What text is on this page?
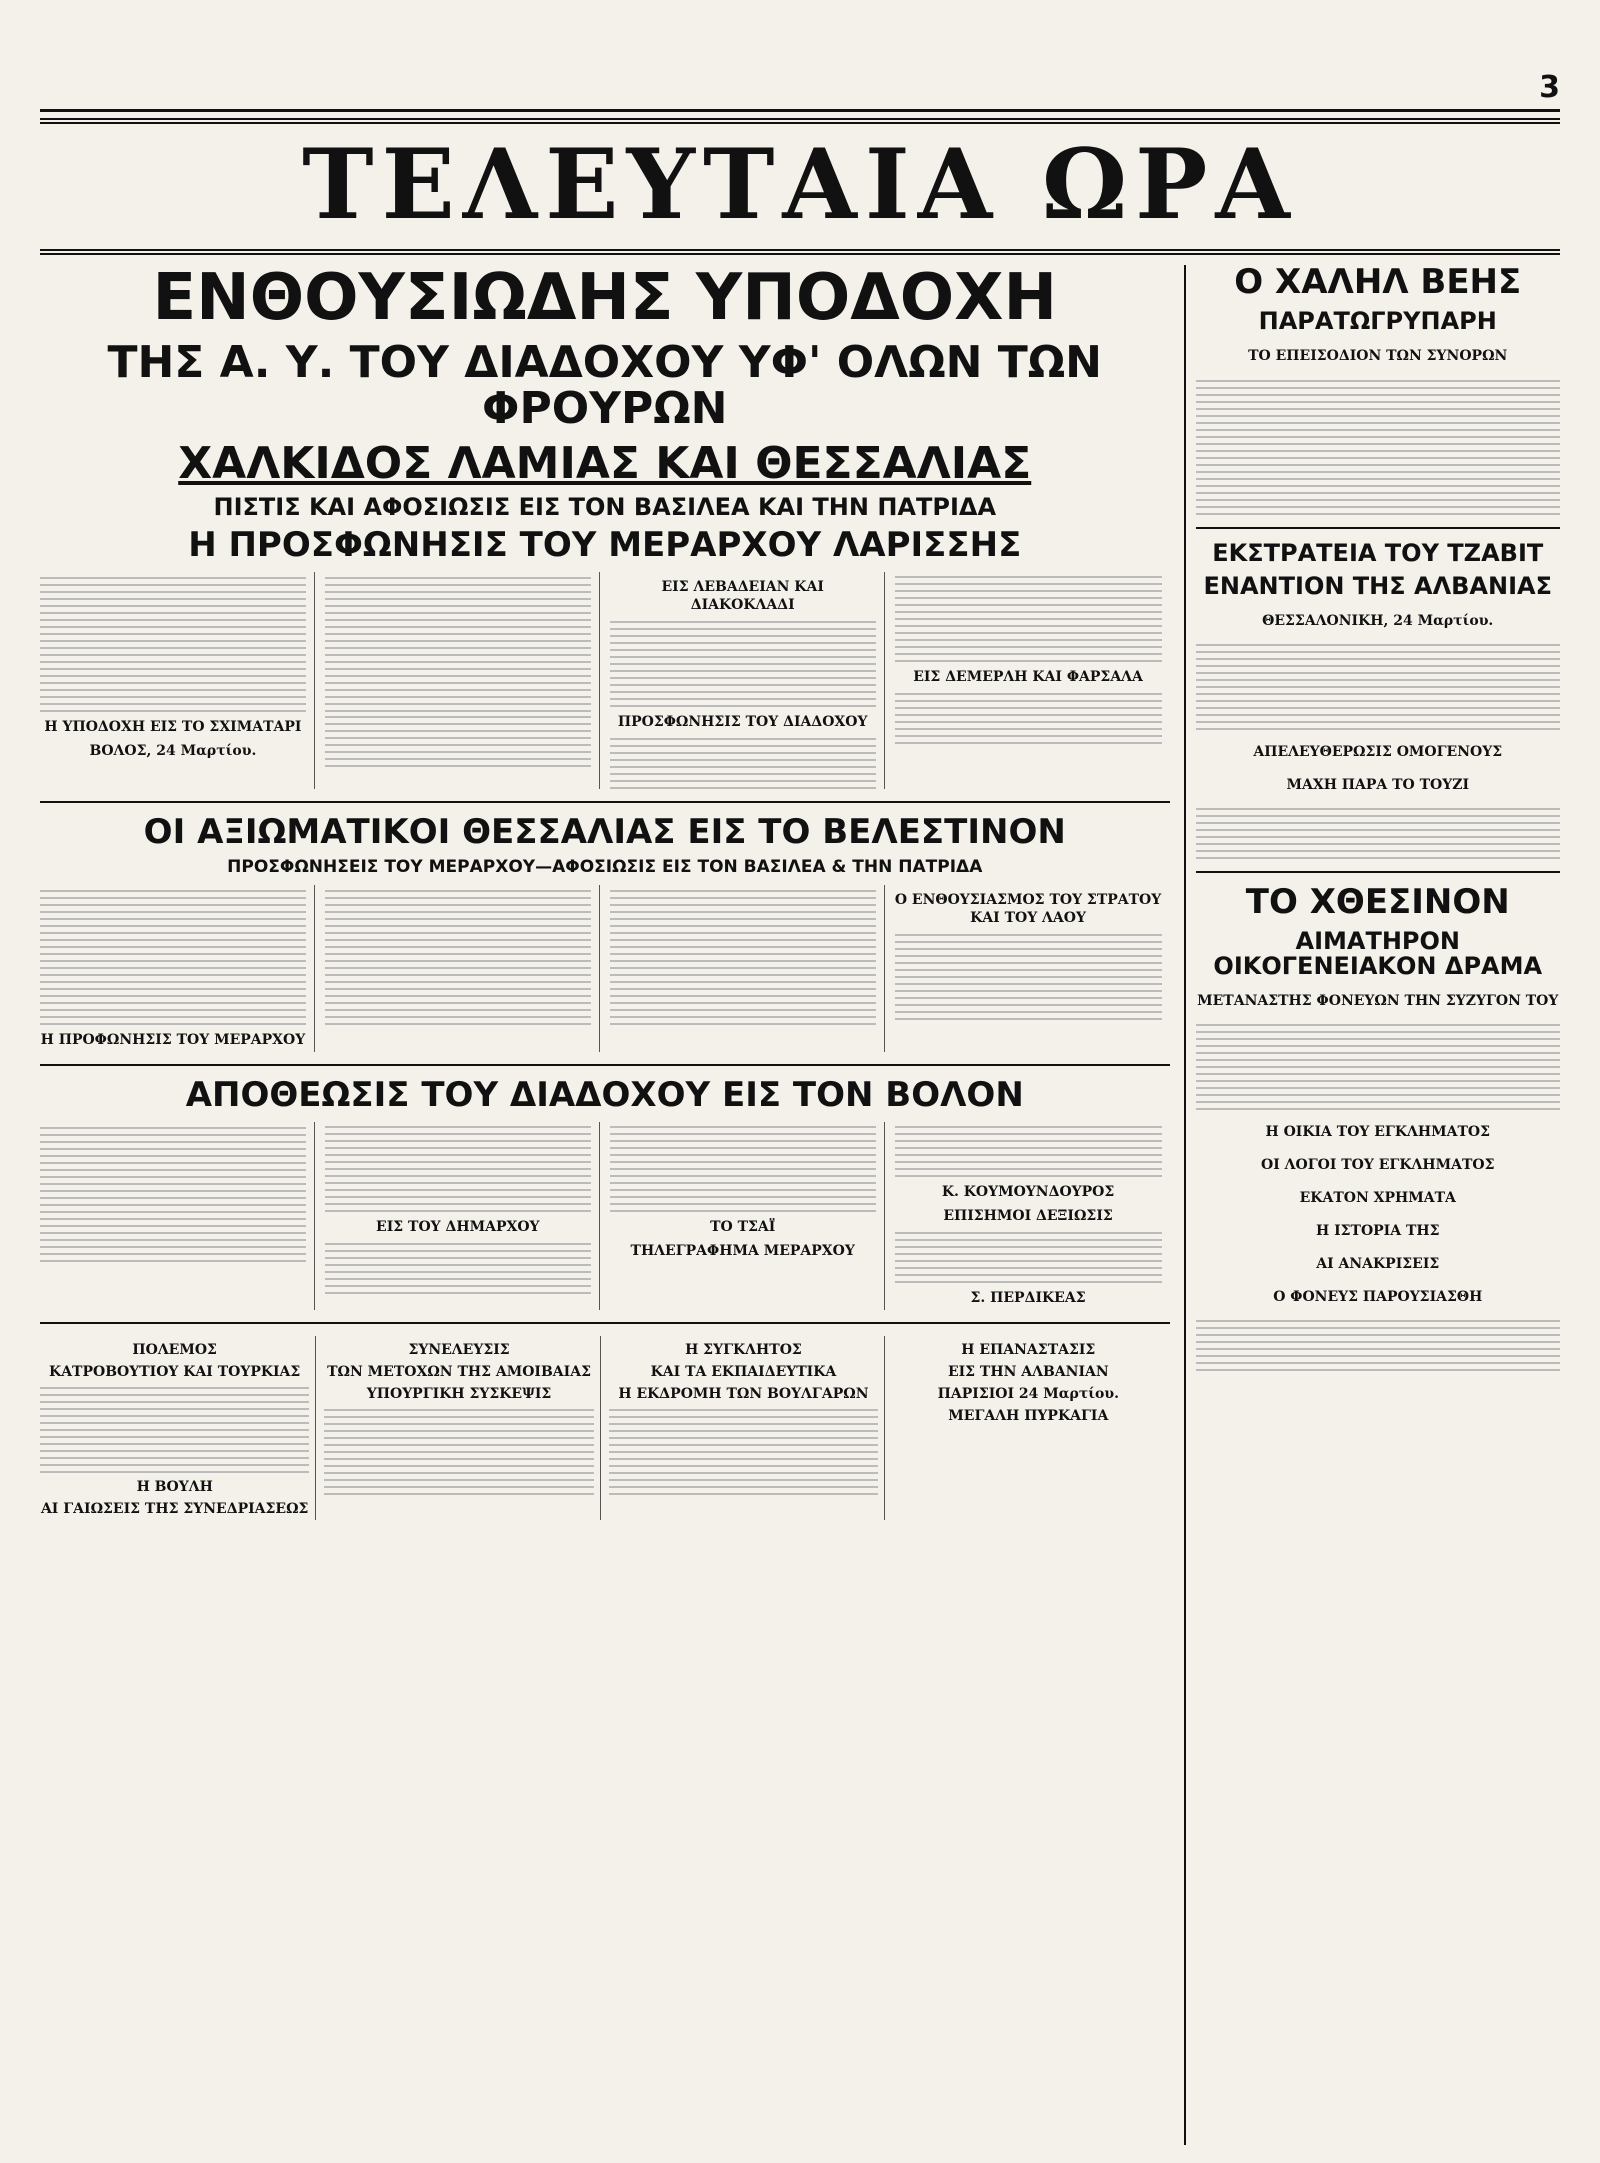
3
ΤΕΛΕΥΤΑΙΑ ΩΡΑ
ΕΝΘΟΥΣΙΩΔΗΣ ΥΠΟΔΟΧΗ
ΤΗΣ Α. Υ. ΤΟΥ ΔΙΑΔΟΧΟΥ ΥΦ' ΟΛΩΝ ΤΩΝ ΦΡΟΥΡΩΝ
ΧΑΛΚΙΔΟΣ ΛΑΜΙΑΣ ΚΑΙ ΘΕΣΣΑΛΙΑΣ
ΠΙΣΤΙΣ ΚΑΙ ΑΦΟΣΙΩΣΙΣ ΕΙΣ ΤΟΝ ΒΑΣΙΛΕΑ ΚΑΙ ΤΗΝ ΠΑΤΡΙΔΑ
Η ΠΡΟΣΦΩΝΗΣΙΣ ΤΟΥ ΜΕΡΑΡΧΟΥ ΛΑΡΙΣΣΗΣ
Η ΥΠΟΔΟΧΗ ΕΙΣ ΤΟ ΣΧΙΜΑΤΑΡΙ
ΒΟΛΟΣ, 24 Μαρτίου.
ΕΙΣ ΛΕΒΑΔΕΙΑΝ ΚΑΙ ΔΙΑΚΟΚΛΑΔΙ
ΠΡΟΣΦΩΝΗΣΙΣ ΤΟΥ ΔΙΑΔΟΧΟΥ
ΕΙΣ ΔΕΜΕΡΛΗ ΚΑΙ ΦΑΡΣΑΛΑ
ΟΙ ΑΞΙΩΜΑΤΙΚΟΙ ΘΕΣΣΑΛΙΑΣ ΕΙΣ ΤΟ ΒΕΛΕΣΤΙΝΟΝ
ΠΡΟΣΦΩΝΗΣΕΙΣ ΤΟΥ ΜΕΡΑΡΧΟΥ—ΑΦΟΣΙΩΣΙΣ ΕΙΣ ΤΟΝ ΒΑΣΙΛΕΑ & ΤΗΝ ΠΑΤΡΙΔΑ
Η ΠΡΟΦΩΝΗΣΙΣ ΤΟΥ ΜΕΡΑΡΧΟΥ
Ο ΕΝΘΟΥΣΙΑΣΜΟΣ ΤΟΥ ΣΤΡΑΤΟΥ ΚΑΙ ΤΟΥ ΛΑΟΥ
ΑΠΟΘΕΩΣΙΣ ΤΟΥ ΔΙΑΔΟΧΟΥ ΕΙΣ ΤΟΝ ΒΟΛΟΝ
ΕΙΣ ΤΟΥ ΔΗΜΑΡΧΟΥ	ΤΟ ΤΣΑΪ
ΤΗΛΕΓΡΑΦΗΜΑ ΜΕΡΑΡΧΟΥ
Κ. ΚΟΥΜΟΥΝΔΟΥΡΟΣ
ΕΠΙΣΗΜΟΙ ΔΕΞΙΩΣΙΣ
Σ. ΠΕΡΔΙΚΕΑΣ
ΠΟΛΕΜΟΣ
ΚΑΤΡΟΒΟΥΤΙΟΥ ΚΑΙ ΤΟΥΡΚΙΑΣ
Η ΒΟΥΛΗ
ΑΙ ΓΑΙΩΣΕΙΣ ΤΗΣ ΣΥΝΕΔΡΙΑΣΕΩΣ
ΣΥΝΕΛΕΥΣΙΣ
ΤΩΝ ΜΕΤΟΧΩΝ ΤΗΣ ΑΜΟΙΒΑΙΑΣ
ΥΠΟΥΡΓΙΚΗ ΣΥΣΚΕΨΙΣ
Η ΣΥΓΚΛΗΤΟΣ
ΚΑΙ ΤΑ ΕΚΠΑΙΔΕΥΤΙΚΑ
Η ΕΚΔΡΟΜΗ ΤΩΝ ΒΟΥΛΓΑΡΩΝ
Η ΕΠΑΝΑΣΤΑΣΙΣ
ΕΙΣ ΤΗΝ ΑΛΒΑΝΙΑΝ
ΠΑΡΙΣΙΟΙ 24 Μαρτίου.
ΜΕΓΑΛΗ ΠΥΡΚΑΓΙΑ
Ο ΧΑΛΗΛ ΒΕΗΣ
ΠΑΡΑΤΩΓΡΥΠΑΡΗ
ΤΟ ΕΠΕΙΣΟΔΙΟΝ ΤΩΝ ΣΥΝΟΡΩΝ
ΕΚΣΤΡΑΤΕΙΑ ΤΟΥ ΤΖΑΒΙΤ
ΕΝΑΝΤΙΟΝ ΤΗΣ ΑΛΒΑΝΙΑΣ
ΘΕΣΣΑΛΟΝΙΚΗ, 24 Μαρτίου.
ΑΠΕΛΕΥΘΕΡΩΣΙΣ ΟΜΟΓΕΝΟΥΣ
ΜΑΧΗ ΠΑΡΑ ΤΟ ΤΟΥΖΙ
ΤΟ ΧΘΕΣΙΝΟΝ
ΑΙΜΑΤΗΡΟΝ ΟΙΚΟΓΕΝΕΙΑΚΟΝ ΔΡΑΜΑ
ΜΕΤΑΝΑΣΤΗΣ ΦΟΝΕΥΩΝ ΤΗΝ ΣΥΖΥΓΟΝ ΤΟΥ
Η ΟΙΚΙΑ ΤΟΥ ΕΓΚΛΗΜΑΤΟΣ
ΟΙ ΛΟΓΟΙ ΤΟΥ ΕΓΚΛΗΜΑΤΟΣ
ΕΚΑΤΟΝ ΧΡΗΜΑΤΑ
Η ΙΣΤΟΡΙΑ ΤΗΣ
ΑΙ ΑΝΑΚΡΙΣΕΙΣ
Ο ΦΟΝΕΥΣ ΠΑΡΟΥΣΙΑΣΘΗ
